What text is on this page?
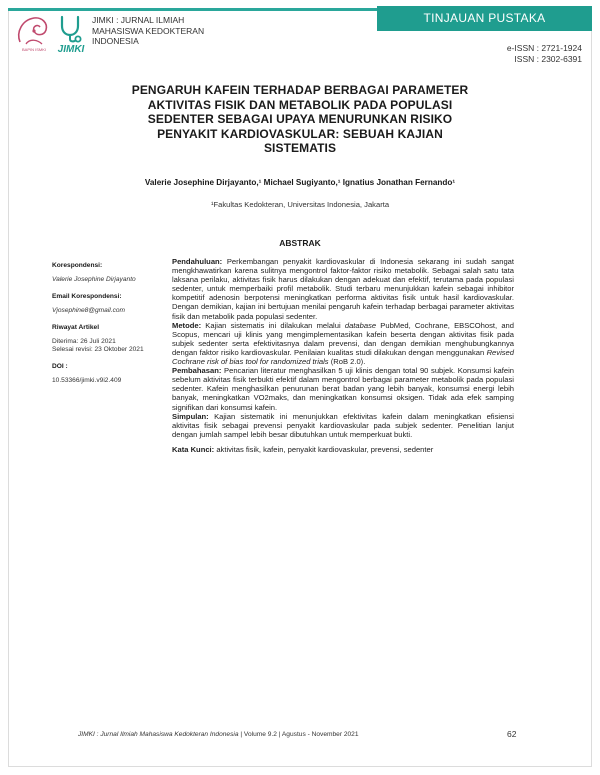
BAPIN ISMKI	JIMKI
JIMKI : JURNAL ILMIAH
MAHASISWA KEDOKTERAN
INDONESIA
TINJAUAN PUSTAKA
e-ISSN : 2721-1924
ISSN : 2302-6391
PENGARUH KAFEIN TERHADAP BERBAGAI PARAMETER
AKTIVITAS FISIK DAN METABOLIK PADA POPULASI
SEDENTER SEBAGAI UPAYA MENURUNKAN RISIKO
PENYAKIT KARDIOVASKULAR: SEBUAH KAJIAN
SISTEMATIS
Valerie Josephine Dirjayanto,¹ Michael Sugiyanto,¹ Ignatius Jonathan Fernando¹
¹Fakultas Kedokteran, Universitas Indonesia, Jakarta
ABSTRAK

Korespondensi:

Valerie Josephine Dirjayanto

Email Korespondensi:

Vjosephine8@gmail.com

Riwayat Artikel

Diterima: 26 Juli 2021

Selesai revisi: 23 Oktober 2021

DOI :

10.53366/jimki.v9i2.409

Pendahuluan: Perkembangan penyakit kardiovaskular di Indonesia sekarang ini sudah sangat mengkhawatirkan karena sulitnya mengontrol faktor-faktor risiko metabolik. Sebagai salah satu tata laksana perilaku, aktivitas fisik harus dilakukan dengan adekuat dan efektif, terutama pada populasi sedenter, untuk memperbaiki profil metabolik. Studi terbaru menunjukkan kafein sebagai inhibitor kompetitif adenosin berpotensi meningkatkan performa aktivitas fisik untuk hasil kardiovaskular. Dengan demikian, kajian ini bertujuan menilai pengaruh kafein terhadap berbagai parameter aktivitas fisik dan metabolik pada populasi sedenter.

Metode: Kajian sistematis ini dilakukan melalui database PubMed, Cochrane, EBSCOhost, and Scopus, mencari uji klinis yang mengimplementasikan kafein beserta dengan aktivitas fisik pada subjek sedenter serta efektivitasnya dalam prevensi, dan dengan demikian menghubungkannya dengan faktor risiko kardiovaskular. Penilaian kualitas studi dilakukan dengan menggunakan Revised Cochrane risk of bias tool for randomized trials (RoB 2.0).

Pembahasan: Pencarian literatur menghasilkan 5 uji klinis dengan total 90 subjek. Konsumsi kafein sebelum aktivitas fisik terbukti efektif dalam mengontrol berbagai parameter metabolik pada populasi sedenter. Kafein menghasilkan penurunan berat badan yang lebih banyak, konsumsi energi lebih banyak, meningkatkan VO2maks, dan meningkatkan konsumsi oksigen. Tidak ada efek samping signifikan dari konsumsi kafein.

Simpulan: Kajian sistematik ini menunjukkan efektivitas kafein dalam meningkatkan efisiensi aktivitas fisik sebagai prevensi penyakit kardiovaskular pada subjek sedenter. Penelitian lanjut dengan jumlah sampel lebih besar dibutuhkan untuk memperkuat bukti.

Kata Kunci: aktivitas fisik, kafein, penyakit kardiovaskular, prevensi, sedenter

JIMKI : Jurnal Ilmiah Mahasiswa Kedokteran Indonesia | Volume 9.2 | Agustus - November 2021	62
